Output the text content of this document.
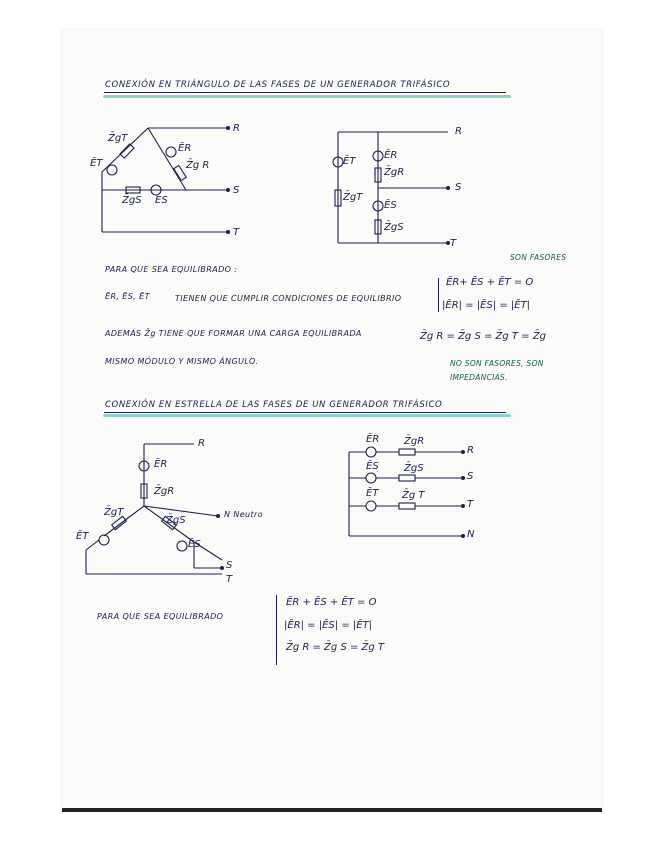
CONEXIÓN EN TRIÁNGULO DE LAS FASES DE UN GENERADOR TRIFÁSICO
Z̄gT
ĒR
Z̄g R
ĒT
Z̄gS ES
R
S
T
ĒT
Z̄gT
ĒR
Z̄gR
ĒS
Z̄gS
R
S
T
PARA QUE SEA EQUILIBRADO :
ĒR, ĒS, ĒT	TIENEN QUE CUMPLIR CONDICIONES DE EQUILIBRIO
ĒR+ ĒS + ĒT = O
|ĒR| = |ĒS| = |ĒT|
SON FASORES
ADEMÁS Z̄g TIENE QUE FORMAR UNA CARGA EQUILIBRADA	Z̄g R = Z̄g S = Z̄g T = Z̄g
MISMO MÓDULO Y MISMO ÁNGULO.	NO SON FASORES, SON
IMPEDANCIAS.
CONEXIÓN EN ESTRELLA DE LAS FASES DE UN GENERADOR TRIFÁSICO
R
ĒR
Z̄gR
Z̄gT
Z̄gS
ĒS
ĒT
N Neutro
S
T
ĒR Z̄gR
ĒS	Z̄gS
ĒT Z̄g T
R
S
T
N
PARA QUE SEA EQUILIBRADO
ĒR + ĒS + ĒT = O
|ĒR| = |ĒS| = |ĒT|
Z̄g R = Z̄g S = Z̄g T
